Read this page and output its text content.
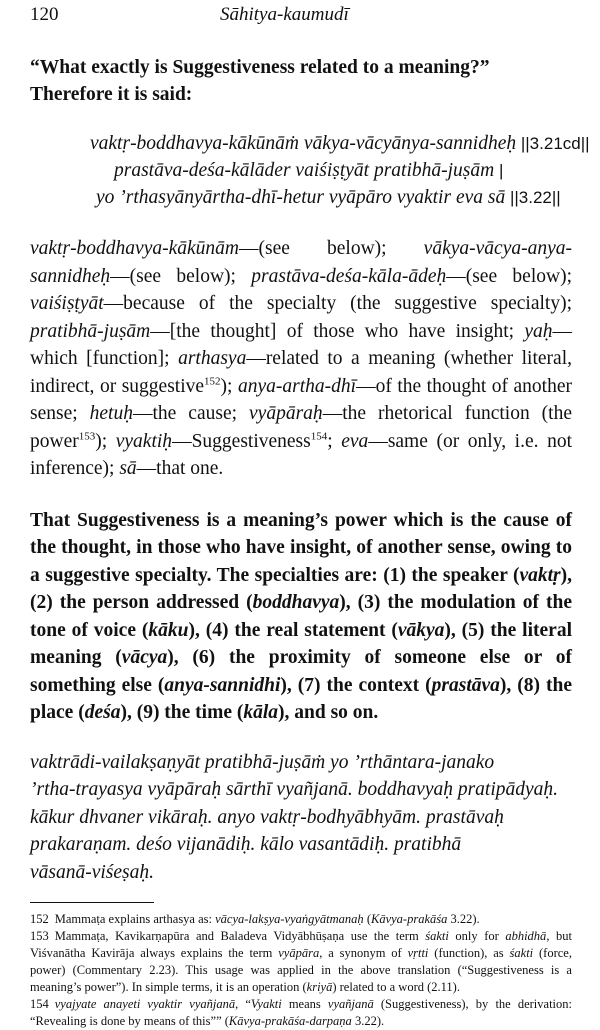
120	Sāhitya-kaumudī
“What exactly is Suggestiveness related to a meaning?” Therefore it is said:
vaktṛ-boddhavya-kākūnāṁ vākya-vācyānya-sannidheḥ ||3.21cd||
prastāva-deśa-kālāder vaiśiṣṭyāt pratibhā-juṣām |
yo ’rthasyānyārtha-dhī-hetur vyāpāro vyaktir eva sā ||3.22||
vaktṛ-boddhavya-kākūnām—(see below); vākya-vācya-anya-sannidheḥ—(see below); prastāva-deśa-kāla-ādeḥ—(see below); vaiśiṣṭyāt—because of the specialty (the suggestive specialty); pratibhā-juṣām—[the thought] of those who have insight; yaḥ—which [function]; arthasya—related to a meaning (whether literal, indirect, or suggestive$^{152}$); anya-artha-dhī—of the thought of another sense; hetuḥ—the cause; vyāpāraḥ—the rhetorical function (the power$^{153}$); vyaktiḥ—Suggestiveness$^{154}$; eva—same (or only, i.e. not inference); sā—that one.
That Suggestiveness is a meaning’s power which is the cause of the thought, in those who have insight, of another sense, owing to a suggestive specialty. The specialties are: (1) the speaker (vaktṛ), (2) the person addressed (boddhavya), (3) the modulation of the tone of voice (kāku), (4) the real statement (vākya), (5) the literal meaning (vācya), (6) the proximity of someone else or of something else (anya-sannidhi), (7) the context (prastāva), (8) the place (deśa), (9) the time (kāla), and so on.
vaktrādi-vailakṣaṇyāt pratibhā-juṣāṁ yo ’rthāntara-janako
’rtha-trayasya vyāpāraḥ sārthī vyañjanā. boddhavyaḥ pratipādyaḥ.
kākur dhvaner vikāraḥ. anyo vaktṛ-bodhyābhyām. prastāvaḥ
prakaraṇam. deśo vijanādiḥ. kālo vasantādiḥ. pratibhā
vāsanā-viśeṣaḥ.
152 Mammaṭa explains arthasya as: vācya-lakṣya-vyaṅgyātmanaḥ (Kāvya-prakāśa 3.22).
153 Mammaṭa, Kavikarṇapūra and Baladeva Vidyābhūṣaṇa use the term śakti only for abhidhā, but Viśvanātha Kavirāja always explains the term vyāpāra, a synonym of vṛtti (function), as śakti (force, power) (Commentary 2.23). This usage was applied in the above translation (“Suggestiveness is a meaning’s power”). In simple terms, it is an operation (kriyā) related to a word (2.11).
154 vyajyate anayeti vyaktir vyañjanā, “Vyakti means vyañjanā (Suggestiveness), by the derivation: “Revealing is done by means of this”” (Kāvya-prakāśa-darpaṇa 3.22).
